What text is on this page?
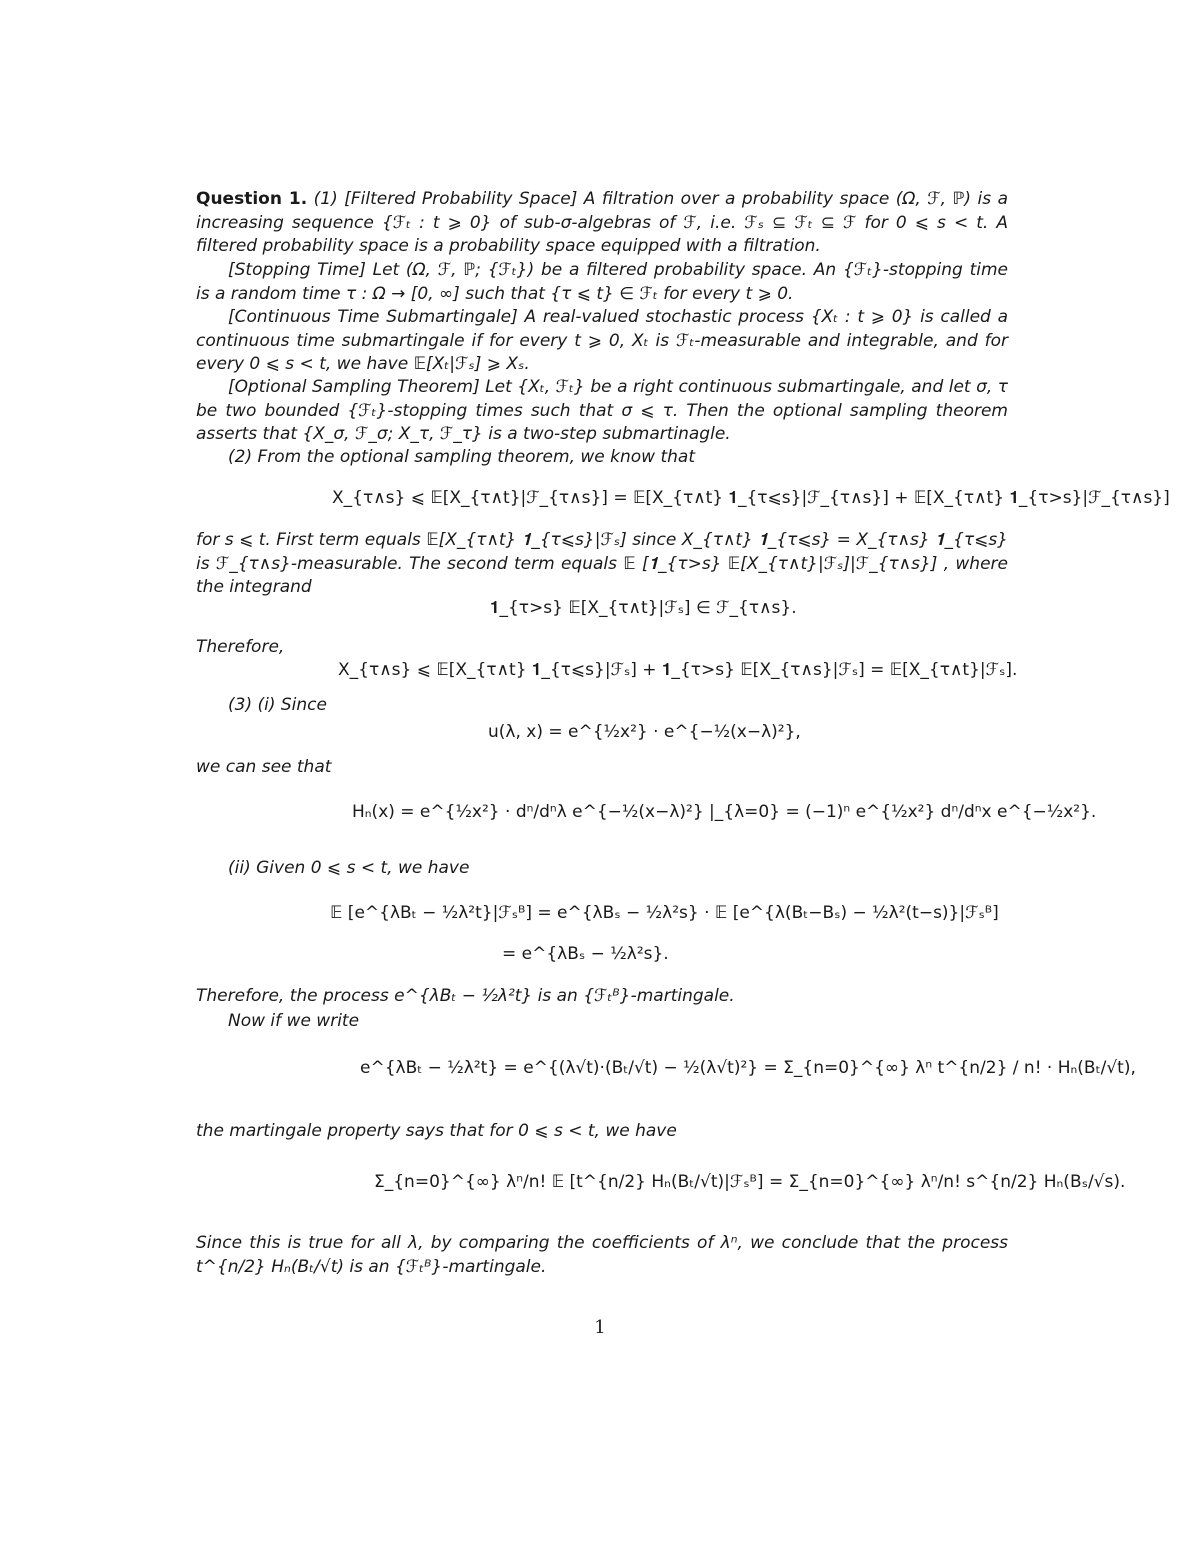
Question 1. (1) [Filtered Probability Space] A filtration over a probability space (Ω, ℱ, ℙ) is a increasing sequence {ℱₜ : t ⩾ 0} of sub-σ-algebras of ℱ, i.e. ℱₛ ⊆ ℱₜ ⊆ ℱ for 0 ⩽ s < t. A filtered probability space is a probability space equipped with a filtration.
[Stopping Time] Let (Ω, ℱ, ℙ; {ℱₜ}) be a filtered probability space. An {ℱₜ}-stopping time is a random time τ : Ω → [0, ∞] such that {τ ⩽ t} ∈ ℱₜ for every t ⩾ 0.
[Continuous Time Submartingale] A real-valued stochastic process {Xₜ : t ⩾ 0} is called a continuous time submartingale if for every t ⩾ 0, Xₜ is ℱₜ-measurable and integrable, and for every 0 ⩽ s < t, we have 𝔼[Xₜ|ℱₛ] ⩾ Xₛ.
[Optional Sampling Theorem] Let {Xₜ, ℱₜ} be a right continuous submartingale, and let σ, τ be two bounded {ℱₜ}-stopping times such that σ ⩽ τ. Then the optional sampling theorem asserts that {X_σ, ℱ_σ; X_τ, ℱ_τ} is a two-step submartinagle.
(2) From the optional sampling theorem, we know that
X_{τ∧s} ⩽ 𝔼[X_{τ∧t}|ℱ_{τ∧s}] = 𝔼[X_{τ∧t} 𝟏_{τ⩽s}|ℱ_{τ∧s}] + 𝔼[X_{τ∧t} 𝟏_{τ>s}|ℱ_{τ∧s}]
for s ⩽ t. First term equals 𝔼[X_{τ∧t} 𝟏_{τ⩽s}|ℱₛ] since X_{τ∧t} 𝟏_{τ⩽s} = X_{τ∧s} 𝟏_{τ⩽s} is ℱ_{τ∧s}-measurable. The second term equals 𝔼 [𝟏_{τ>s} 𝔼[X_{τ∧t}|ℱₛ]|ℱ_{τ∧s}] , where the integrand
𝟏_{τ>s} 𝔼[X_{τ∧t}|ℱₛ] ∈ ℱ_{τ∧s}.
Therefore,
X_{τ∧s} ⩽ 𝔼[X_{τ∧t} 𝟏_{τ⩽s}|ℱₛ] + 𝟏_{τ>s} 𝔼[X_{τ∧s}|ℱₛ] = 𝔼[X_{τ∧t}|ℱₛ].
(3) (i) Since
u(λ, x) = e^{½x²} · e^{−½(x−λ)²},
we can see that
Hₙ(x) = e^{½x²} · dⁿ/dⁿλ e^{−½(x−λ)²} |_{λ=0} = (−1)ⁿ e^{½x²} dⁿ/dⁿx e^{−½x²}.
(ii) Given 0 ⩽ s < t, we have
𝔼 [e^{λBₜ − ½λ²t}|ℱₛᴮ] = e^{λBₛ − ½λ²s} · 𝔼 [e^{λ(Bₜ−Bₛ) − ½λ²(t−s)}|ℱₛᴮ]
= e^{λBₛ − ½λ²s}.
Therefore, the process e^{λBₜ − ½λ²t} is an {ℱₜᴮ}-martingale.
Now if we write
e^{λBₜ − ½λ²t} = e^{(λ√t)·(Bₜ/√t) − ½(λ√t)²} = Σ_{n=0}^{∞} λⁿ t^{n/2} / n! · Hₙ(Bₜ/√t),
the martingale property says that for 0 ⩽ s < t, we have
Σ_{n=0}^{∞} λⁿ/n! 𝔼 [t^{n/2} Hₙ(Bₜ/√t)|ℱₛᴮ] = Σ_{n=0}^{∞} λⁿ/n! s^{n/2} Hₙ(Bₛ/√s).
Since this is true for all λ, by comparing the coefficients of λⁿ, we conclude that the process t^{n/2} Hₙ(Bₜ/√t) is an {ℱₜᴮ}-martingale.
1
